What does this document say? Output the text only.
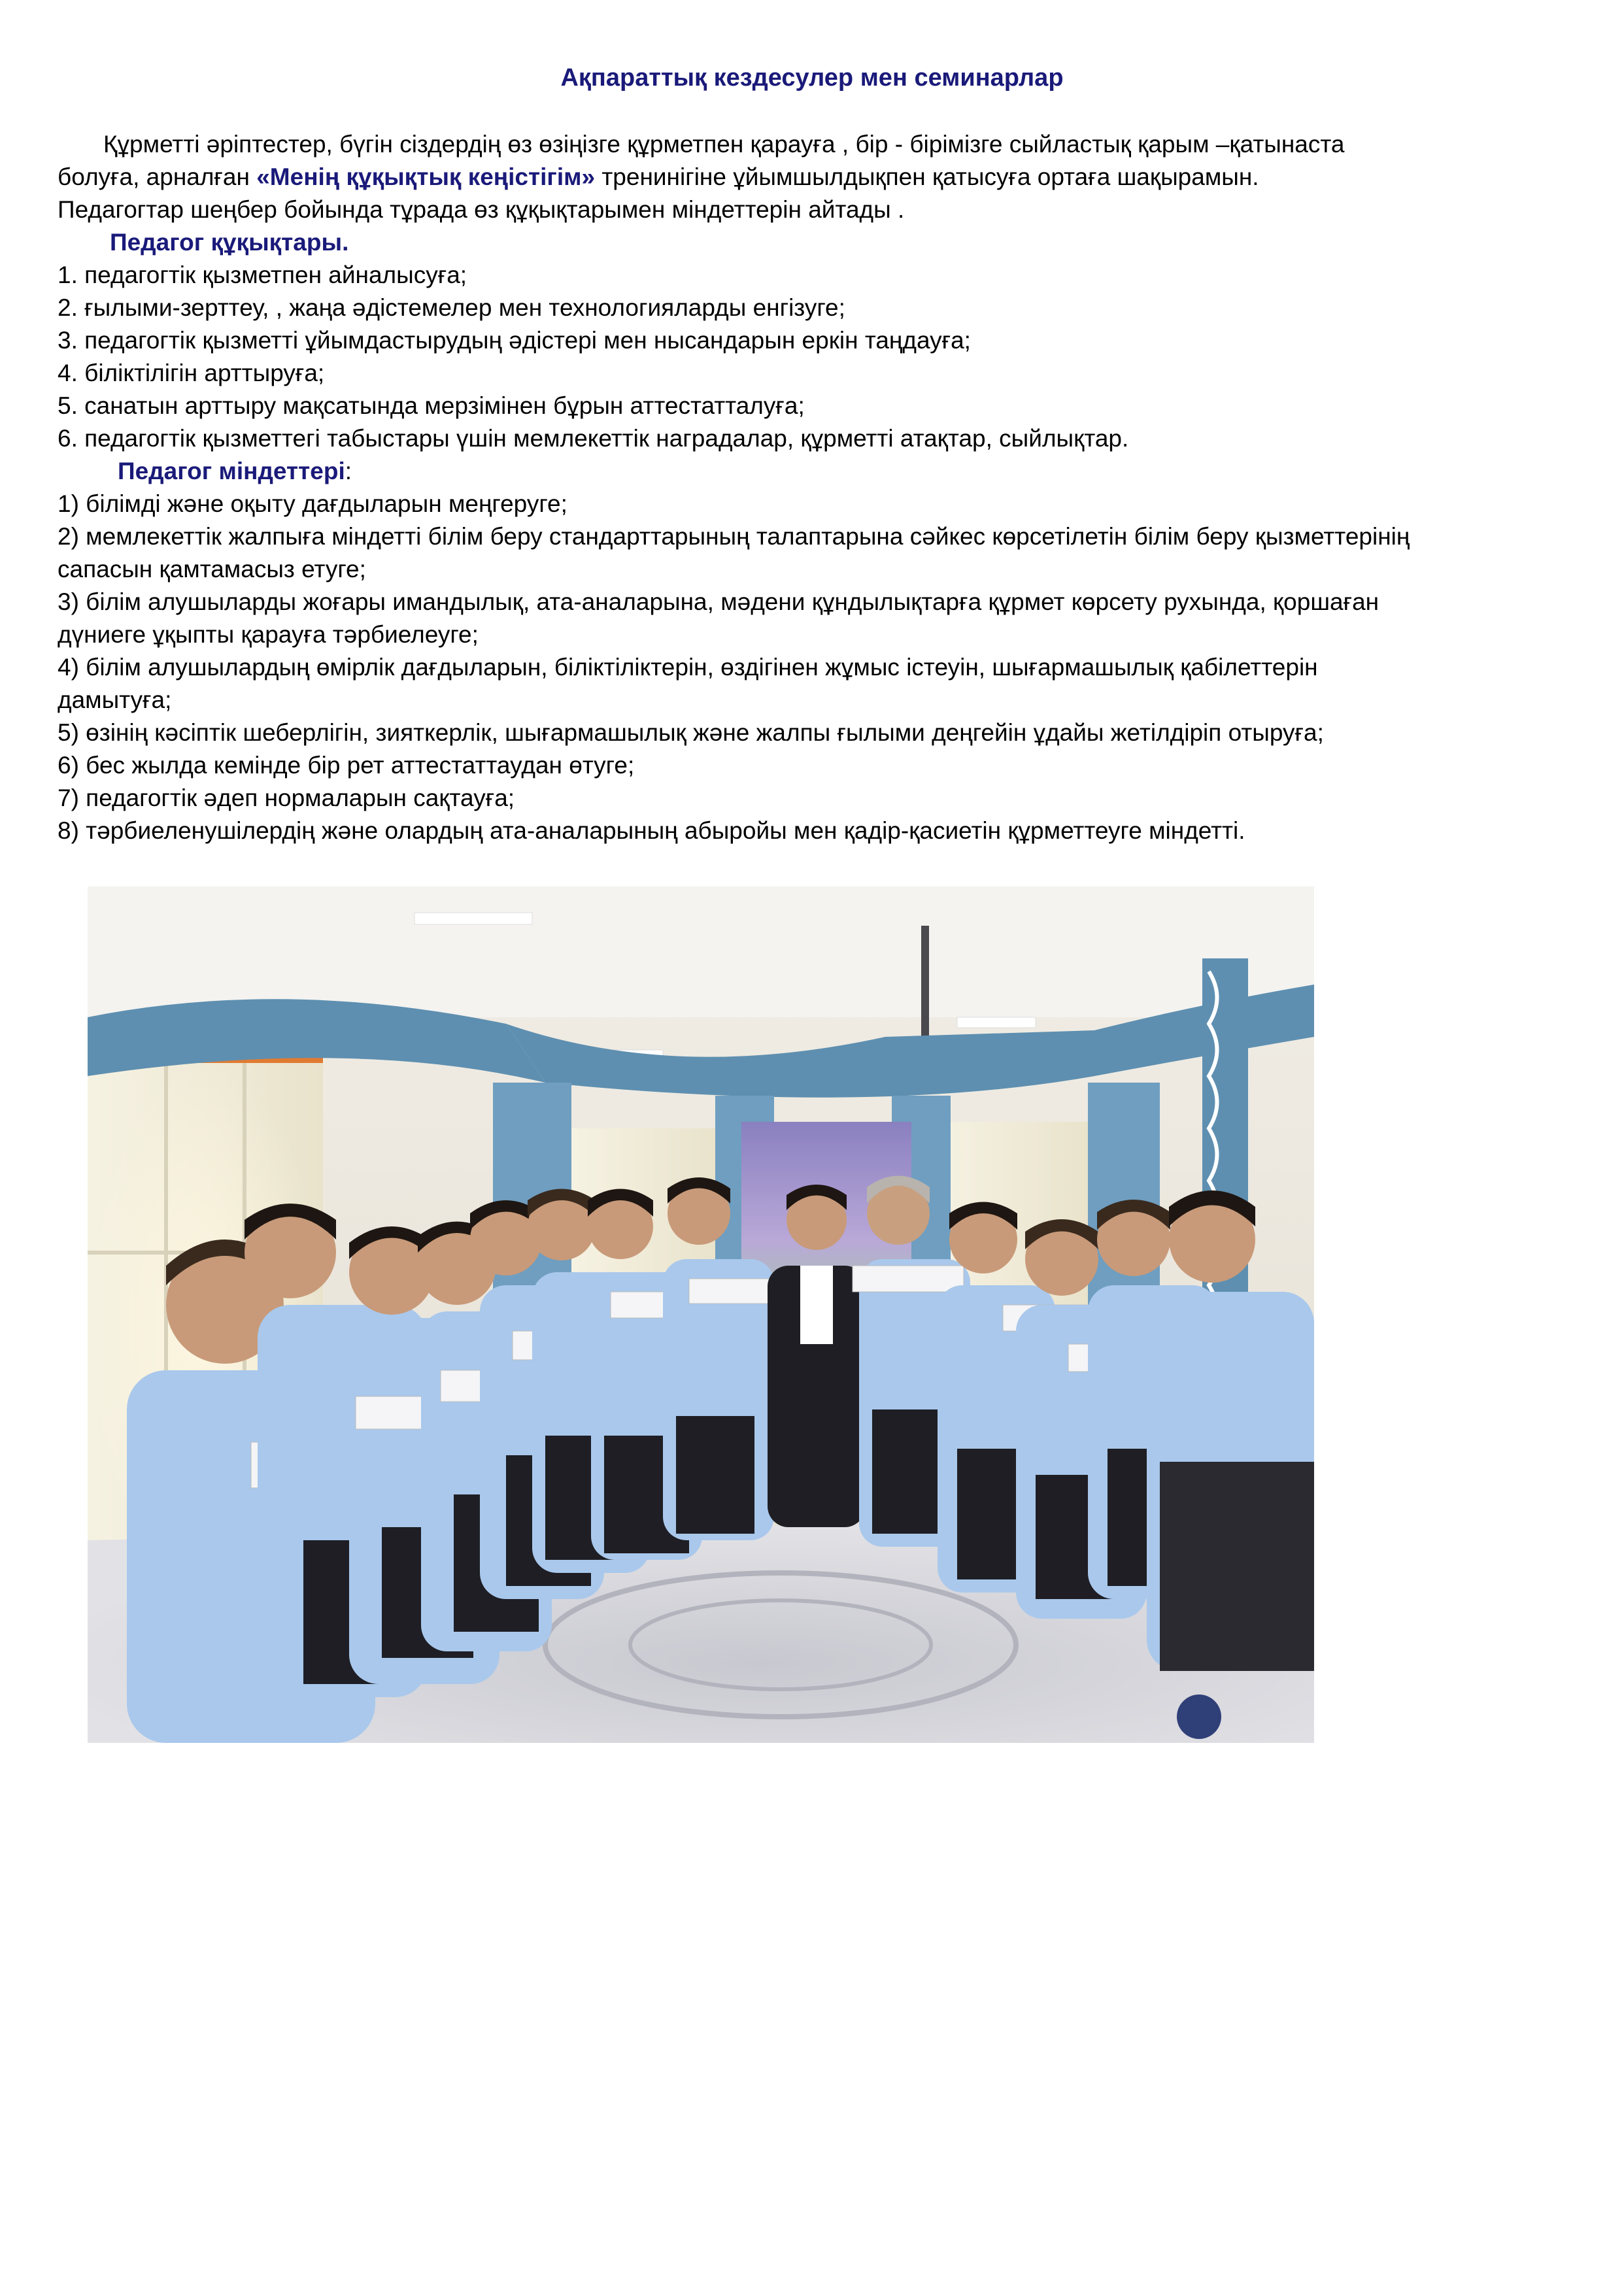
Ақпараттық кездесулер мен семинарлар
Құрметті әріптестер, бүгін сіздердің өз өзіңізге құрметпен қарауға , бір - бірімізге сыйластық қарым –қатынаста
болуға, арналған «Менің құқықтық кеңістігім» тренинігіне ұйымшылдықпен қатысуға ортаға шақырамын.
Педагогтар шеңбер бойында тұрада өз құқықтарымен міндеттерін айтады .
Педагог құқықтары.
1. педагогтік қызметпен айналысуға;
2. ғылыми-зерттеу, , жаңа әдістемелер мен технологияларды енгізуге;
3. педагогтік қызметті ұйымдастырудың әдістері мен нысандарын еркін таңдауға;
4. біліктілігін арттыруға;
5. санатын арттыру мақсатында мерзімінен бұрын аттестатталуға;
6. педагогтік қызметтегі табыстары үшін мемлекеттік наградалар, құрметті атақтар, сыйлықтар.
Педагог міндеттері:
1) білімді және оқыту дағдыларын меңгеруге;
2) мемлекеттік жалпыға міндетті білім беру стандарттарының талаптарына сәйкес көрсетілетін білім беру қызметтерінің
сапасын қамтамасыз етуге;
3) білім алушыларды жоғары имандылық, ата-аналарына, мәдени құндылықтарға құрмет көрсету рухында, қоршаған
дүниеге ұқыпты қарауға тәрбиелеуге;
4) білім алушылардың өмірлік дағдыларын, біліктіліктерін, өздігінен жұмыс істеуін, шығармашылық қабілеттерін
дамытуға;
5) өзінің кәсіптік шеберлігін, зияткерлік, шығармашылық және жалпы ғылыми деңгейін ұдайы жетілдіріп отыруға;
6) бес жылда кемінде бір рет аттестаттаудан өтуге;
7) педагогтік әдеп нормаларын сақтауға;
8) тәрбиеленушілердің және олардың ата-аналарының абыройы мен қадір-қасиетін құрметтеуге міндетті.
